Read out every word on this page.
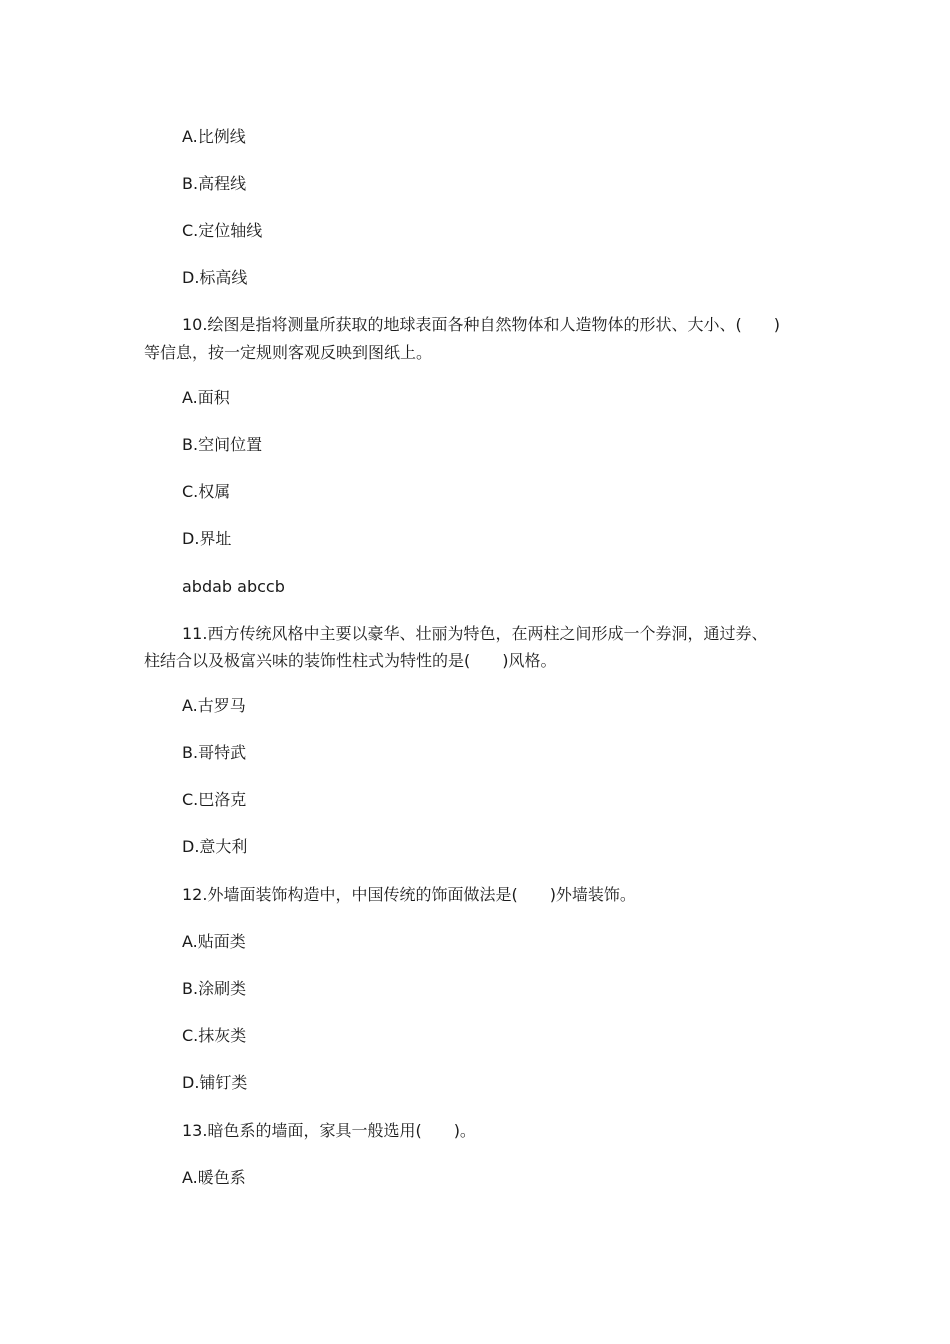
A.比例线
B.高程线
C.定位轴线
D.标高线
10.绘图是指将测量所获取的地球表面各种自然物体和人造物体的形状、大小、(　　)
等信息，按一定规则客观反映到图纸上。
A.面积
B.空间位置
C.权属
D.界址
abdab abccb
11.西方传统风格中主要以豪华、壮丽为特色，在两柱之间形成一个券洞，通过券、
柱结合以及极富兴味的装饰性柱式为特性的是(　　)风格。
A.古罗马
B.哥特武
C.巴洛克
D.意大利
12.外墙面装饰构造中，中国传统的饰面做法是(　　)外墙装饰。
A.贴面类
B.涂刷类
C.抹灰类
D.铺钉类
13.暗色系的墙面，家具一般选用(　　)。
A.暖色系
